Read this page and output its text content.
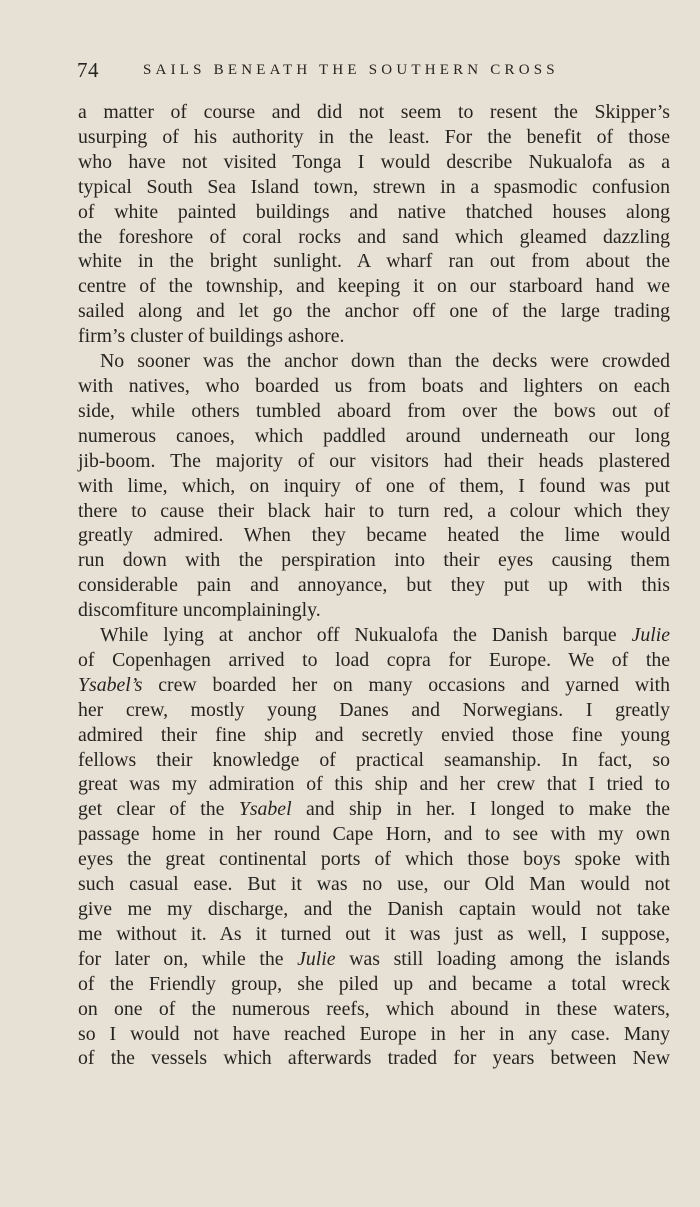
74	SAILS BENEATH THE SOUTHERN CROSS
a matter of course and did not seem to resent the Skipper’s
usurping of his authority in the least. For the benefit of those
who have not visited Tonga I would describe Nukualofa as a
typical South Sea Island town, strewn in a spasmodic confusion
of white painted buildings and native thatched houses along
the foreshore of coral rocks and sand which gleamed dazzling
white in the bright sunlight. A wharf ran out from about the
centre of the township, and keeping it on our starboard hand we
sailed along and let go the anchor off one of the large trading
firm’s cluster of buildings ashore.
No sooner was the anchor down than the decks were crowded
with natives, who boarded us from boats and lighters on each
side, while others tumbled aboard from over the bows out of
numerous canoes, which paddled around underneath our long
jib-boom. The majority of our visitors had their heads plastered
with lime, which, on inquiry of one of them, I found was put
there to cause their black hair to turn red, a colour which they
greatly admired. When they became heated the lime would
run down with the perspiration into their eyes causing them
considerable pain and annoyance, but they put up with this
discomfiture uncomplainingly.
While lying at anchor off Nukualofa the Danish barque Julie
of Copenhagen arrived to load copra for Europe. We of the
Ysabel’s crew boarded her on many occasions and yarned with
her crew, mostly young Danes and Norwegians. I greatly
admired their fine ship and secretly envied those fine young
fellows their knowledge of practical seamanship. In fact, so
great was my admiration of this ship and her crew that I tried to
get clear of the Ysabel and ship in her. I longed to make the
passage home in her round Cape Horn, and to see with my own
eyes the great continental ports of which those boys spoke with
such casual ease. But it was no use, our Old Man would not
give me my discharge, and the Danish captain would not take
me without it. As it turned out it was just as well, I suppose,
for later on, while the Julie was still loading among the islands
of the Friendly group, she piled up and became a total wreck
on one of the numerous reefs, which abound in these waters,
so I would not have reached Europe in her in any case. Many
of the vessels which afterwards traded for years between New
